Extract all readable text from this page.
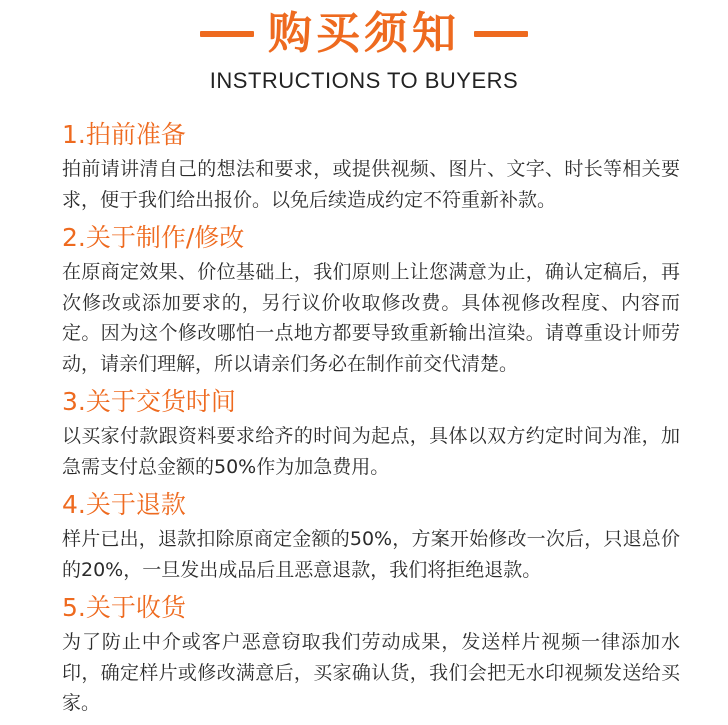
购买须知
INSTRUCTIONS TO BUYERS
1.拍前准备
拍前请讲清自己的想法和要求，或提供视频、图片、文字、时长等相关要求，便于我们给出报价。以免后续造成约定不符重新补款。
2.关于制作/修改
在原商定效果、价位基础上，我们原则上让您满意为止，确认定稿后，再次修改或添加要求的，另行议价收取修改费。具体视修改程度、内容而定。因为这个修改哪怕一点地方都要导致重新输出渲染。请尊重设计师劳动，请亲们理解，所以请亲们务必在制作前交代清楚。
3.关于交货时间
以买家付款跟资料要求给齐的时间为起点，具体以双方约定时间为准，加急需支付总金额的50%作为加急费用。
4.关于退款
样片已出，退款扣除原商定金额的50%，方案开始修改一次后，只退总价的20%，一旦发出成品后且恶意退款，我们将拒绝退款。
5.关于收货
为了防止中介或客户恶意窃取我们劳动成果，发送样片视频一律添加水印，确定样片或修改满意后，买家确认货，我们会把无水印视频发送给买家。
